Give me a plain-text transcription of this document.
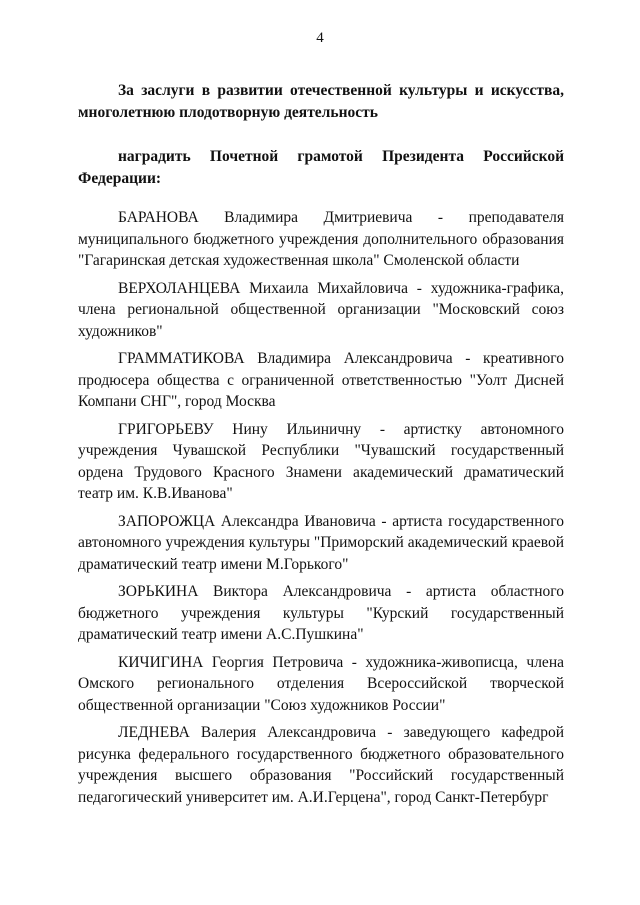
4
За заслуги в развитии отечественной культуры и искусства, многолетнюю плодотворную деятельность
наградить Почетной грамотой Президента Российской Федерации:

БАРАНОВА Владимира Дмитриевича - преподавателя муниципального бюджетного учреждения дополнительного образования "Гагаринская детская художественная школа" Смоленской области

ВЕРХОЛАНЦЕВА Михаила Михайловича - художника-графика, члена региональной общественной организации "Московский союз художников"

ГРАММАТИКОВА Владимира Александровича - креативного продюсера общества с ограниченной ответственностью "Уолт Дисней Компани СНГ", город Москва

ГРИГОРЬЕВУ Нину Ильиничну - артистку автономного учреждения Чувашской Республики "Чувашский государственный ордена Трудового Красного Знамени академический драматический театр им. К.В.Иванова"

ЗАПОРОЖЦА Александра Ивановича - артиста государственного автономного учреждения культуры "Приморский академический краевой драматический театр имени М.Горького"

ЗОРЬКИНА Виктора Александровича - артиста областного бюджетного учреждения культуры "Курский государственный драматический театр имени А.С.Пушкина"

КИЧИГИНА Георгия Петровича - художника-живописца, члена Омского регионального отделения Всероссийской творческой общественной организации "Союз художников России"

ЛЕДНЕВА Валерия Александровича - заведующего кафедрой рисунка федерального государственного бюджетного образовательного учреждения высшего образования "Российский государственный педагогический университет им. А.И.Герцена", город Санкт-Петербург
